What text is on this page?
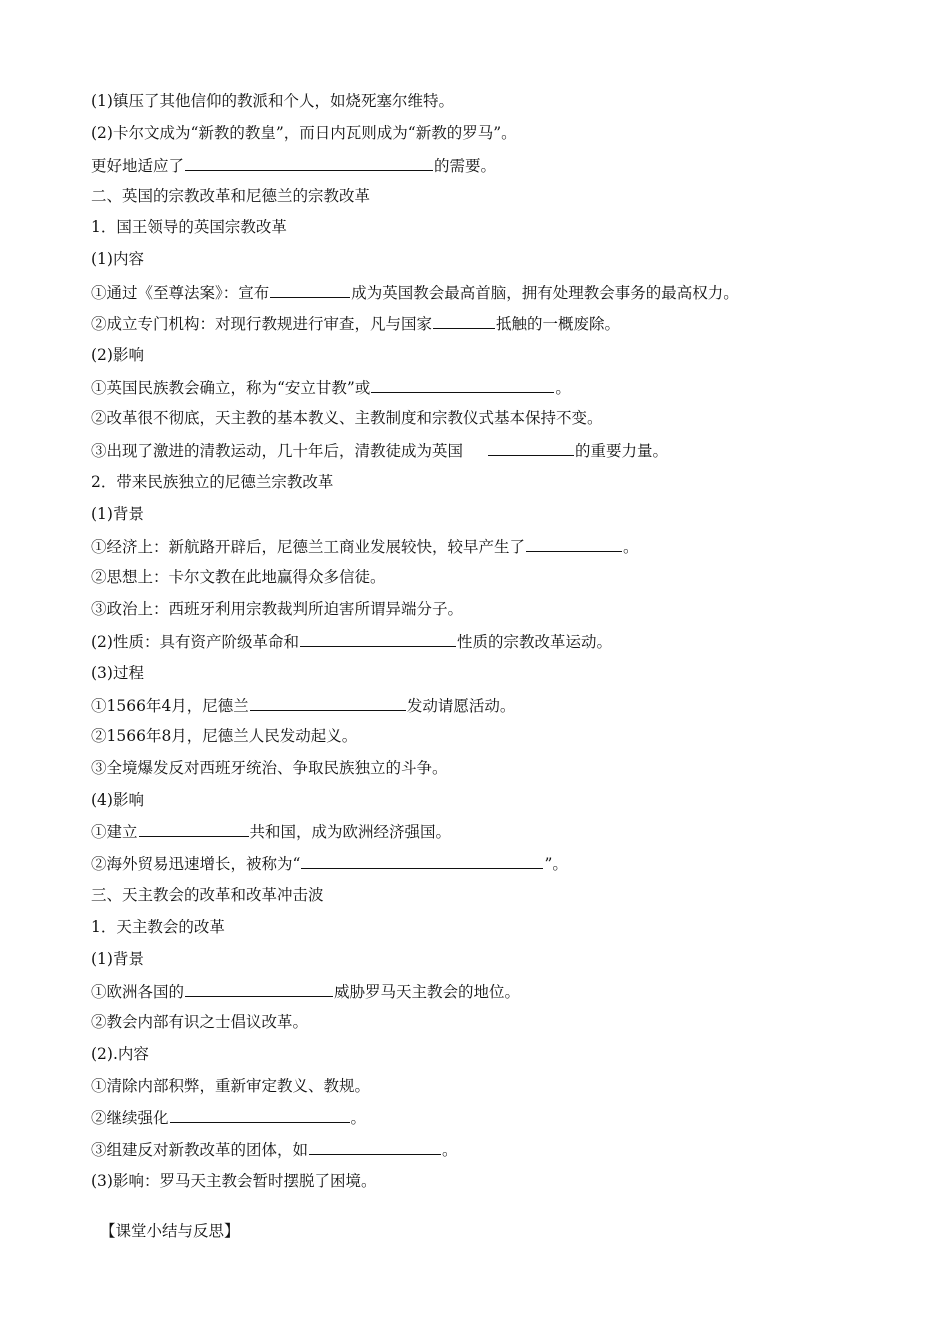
(1)镇压了其他信仰的教派和个人，如烧死塞尔维特。
(2)卡尔文成为“新教的教皇”，而日内瓦则成为“新教的罗马”。
更好地适应了	的需要。
二、英国的宗教改革和尼德兰的宗教改革
1．国王领导的英国宗教改革
(1)内容
①通过《至尊法案》：宣布	成为英国教会最高首脑，拥有处理教会事务的最高权力。
②成立专门机构：对现行教规进行审查，凡与国家	抵触的一概废除。
(2)影响
①英国民族教会确立，称为“安立甘教”或	。
②改革很不彻底，天主教的基本教义、主教制度和宗教仪式基本保持不变。
③出现了激进的清教运动，几十年后，清教徒成为英国	的重要力量。
2．带来民族独立的尼德兰宗教改革
(1)背景
①经济上：新航路开辟后，尼德兰工商业发展较快，较早产生了	。
②思想上：卡尔文教在此地赢得众多信徒。
③政治上：西班牙利用宗教裁判所迫害所谓异端分子。
(2)性质：具有资产阶级革命和	性质的宗教改革运动。
(3)过程
①1566年4月，尼德兰	发动请愿活动。
②1566年8月，尼德兰人民发动起义。
③全境爆发反对西班牙统治、争取民族独立的斗争。
(4)影响
①建立	共和国，成为欧洲经济强国。
②海外贸易迅速增长，被称为“	”。
三、天主教会的改革和改革冲击波
1．天主教会的改革
(1)背景
①欧洲各国的	威胁罗马天主教会的地位。
②教会内部有识之士倡议改革。
(2).内容
①清除内部积弊，重新审定教义、教规。
②继续强化	。
③组建反对新教改革的团体，如	。
(3)影响：罗马天主教会暂时摆脱了困境。
【课堂小结与反思】
